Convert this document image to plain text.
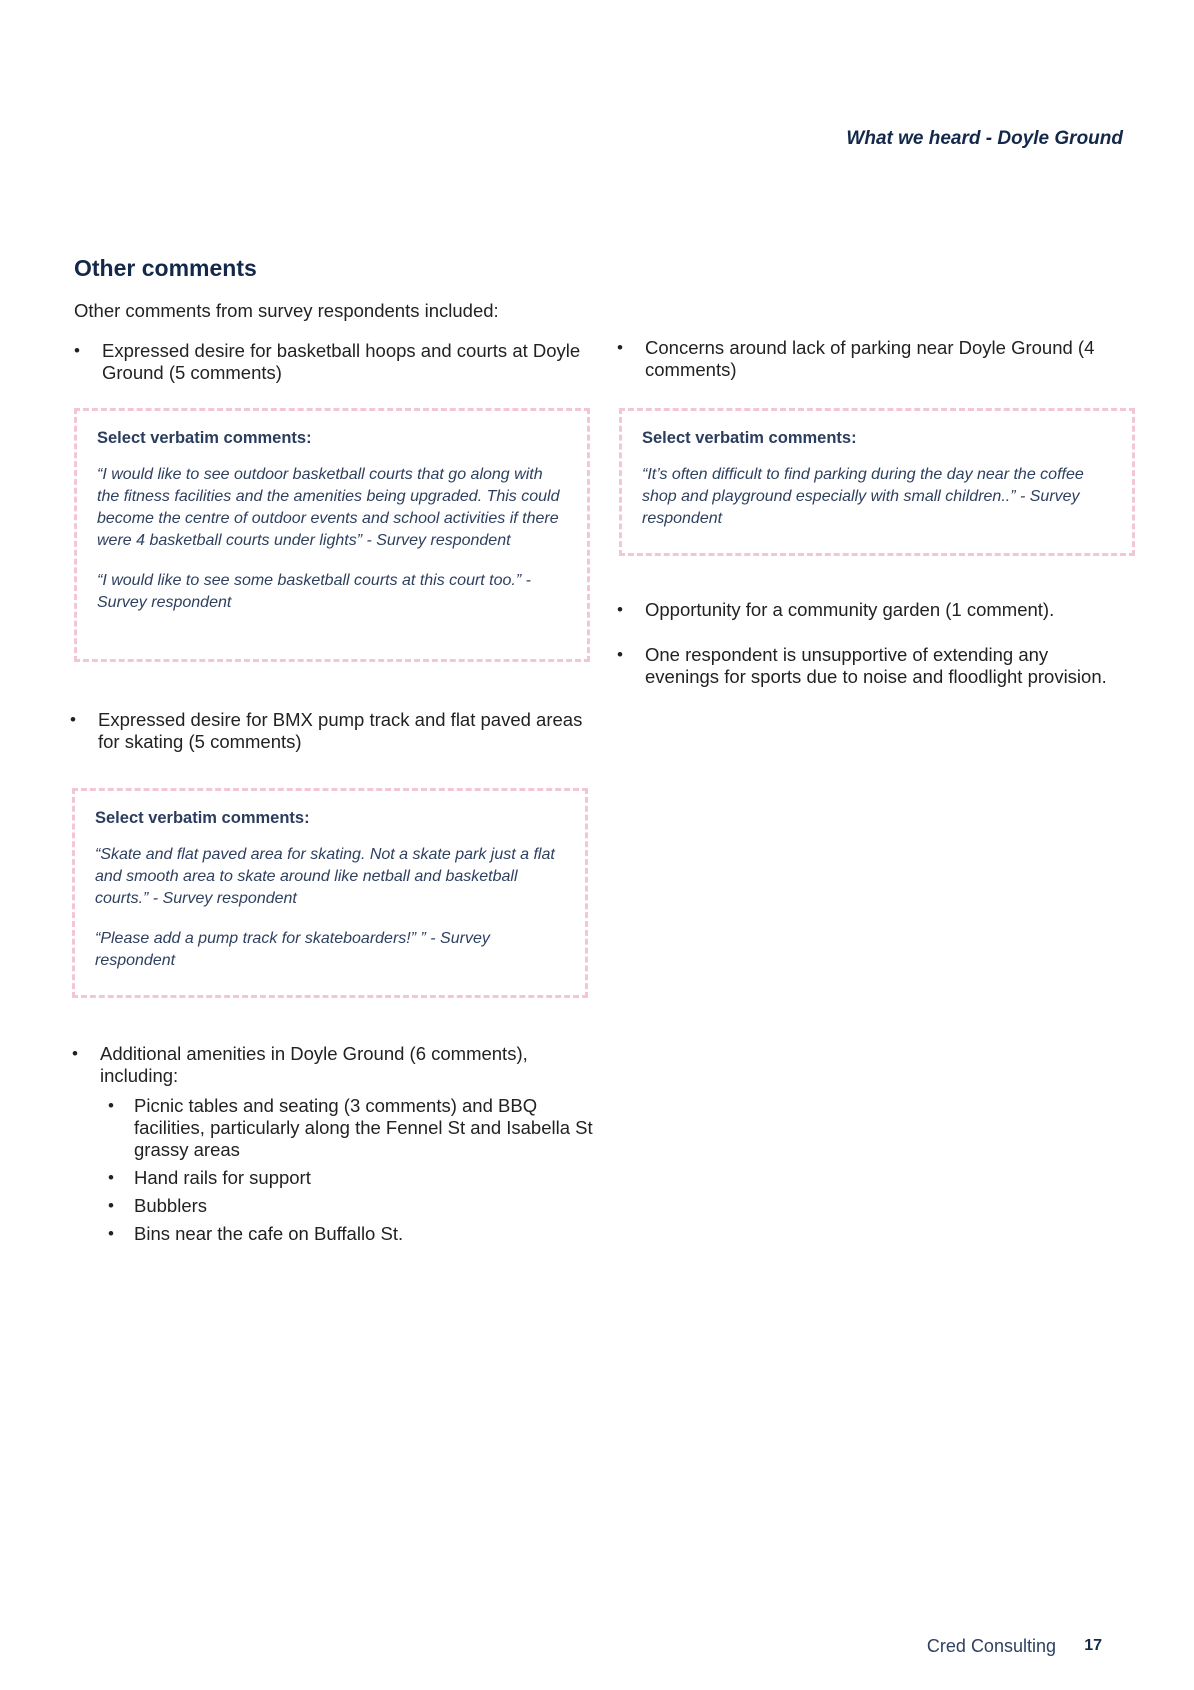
What we heard - Doyle Ground
Other comments
Other comments from survey respondents included:
• Expressed desire for basketball hoops and courts at Doyle Ground (5 comments)
Select verbatim comments:
“I would like to see outdoor basketball courts that go along with the fitness facilities and the amenities being upgraded. This could become the centre of outdoor events and school activities if there were 4 basketball courts under lights” - Survey respondent
“I would like to see some basketball courts at this court too.” - Survey respondent
• Expressed desire for BMX pump track and flat paved areas for skating (5 comments)
Select verbatim comments:
“Skate and flat paved area for skating. Not a skate park just a flat and smooth area to skate around like netball and basketball courts.” - Survey respondent
“Please add a pump track for skateboarders!” ” - Survey respondent
• Additional amenities in Doyle Ground (6 comments), including:
• Picnic tables and seating (3 comments) and BBQ facilities, particularly along the Fennel St and Isabella St grassy areas
• Hand rails for support
• Bubblers
• Bins near the cafe on Buffallo St.
• Concerns around lack of parking near Doyle Ground (4 comments)
Select verbatim comments:
“It’s often difficult to find parking during the day near the coffee shop and playground especially with small children..” - Survey respondent
• Opportunity for a community garden (1 comment).
• One respondent is unsupportive of extending any evenings for sports due to noise and floodlight provision.
Cred Consulting 17
